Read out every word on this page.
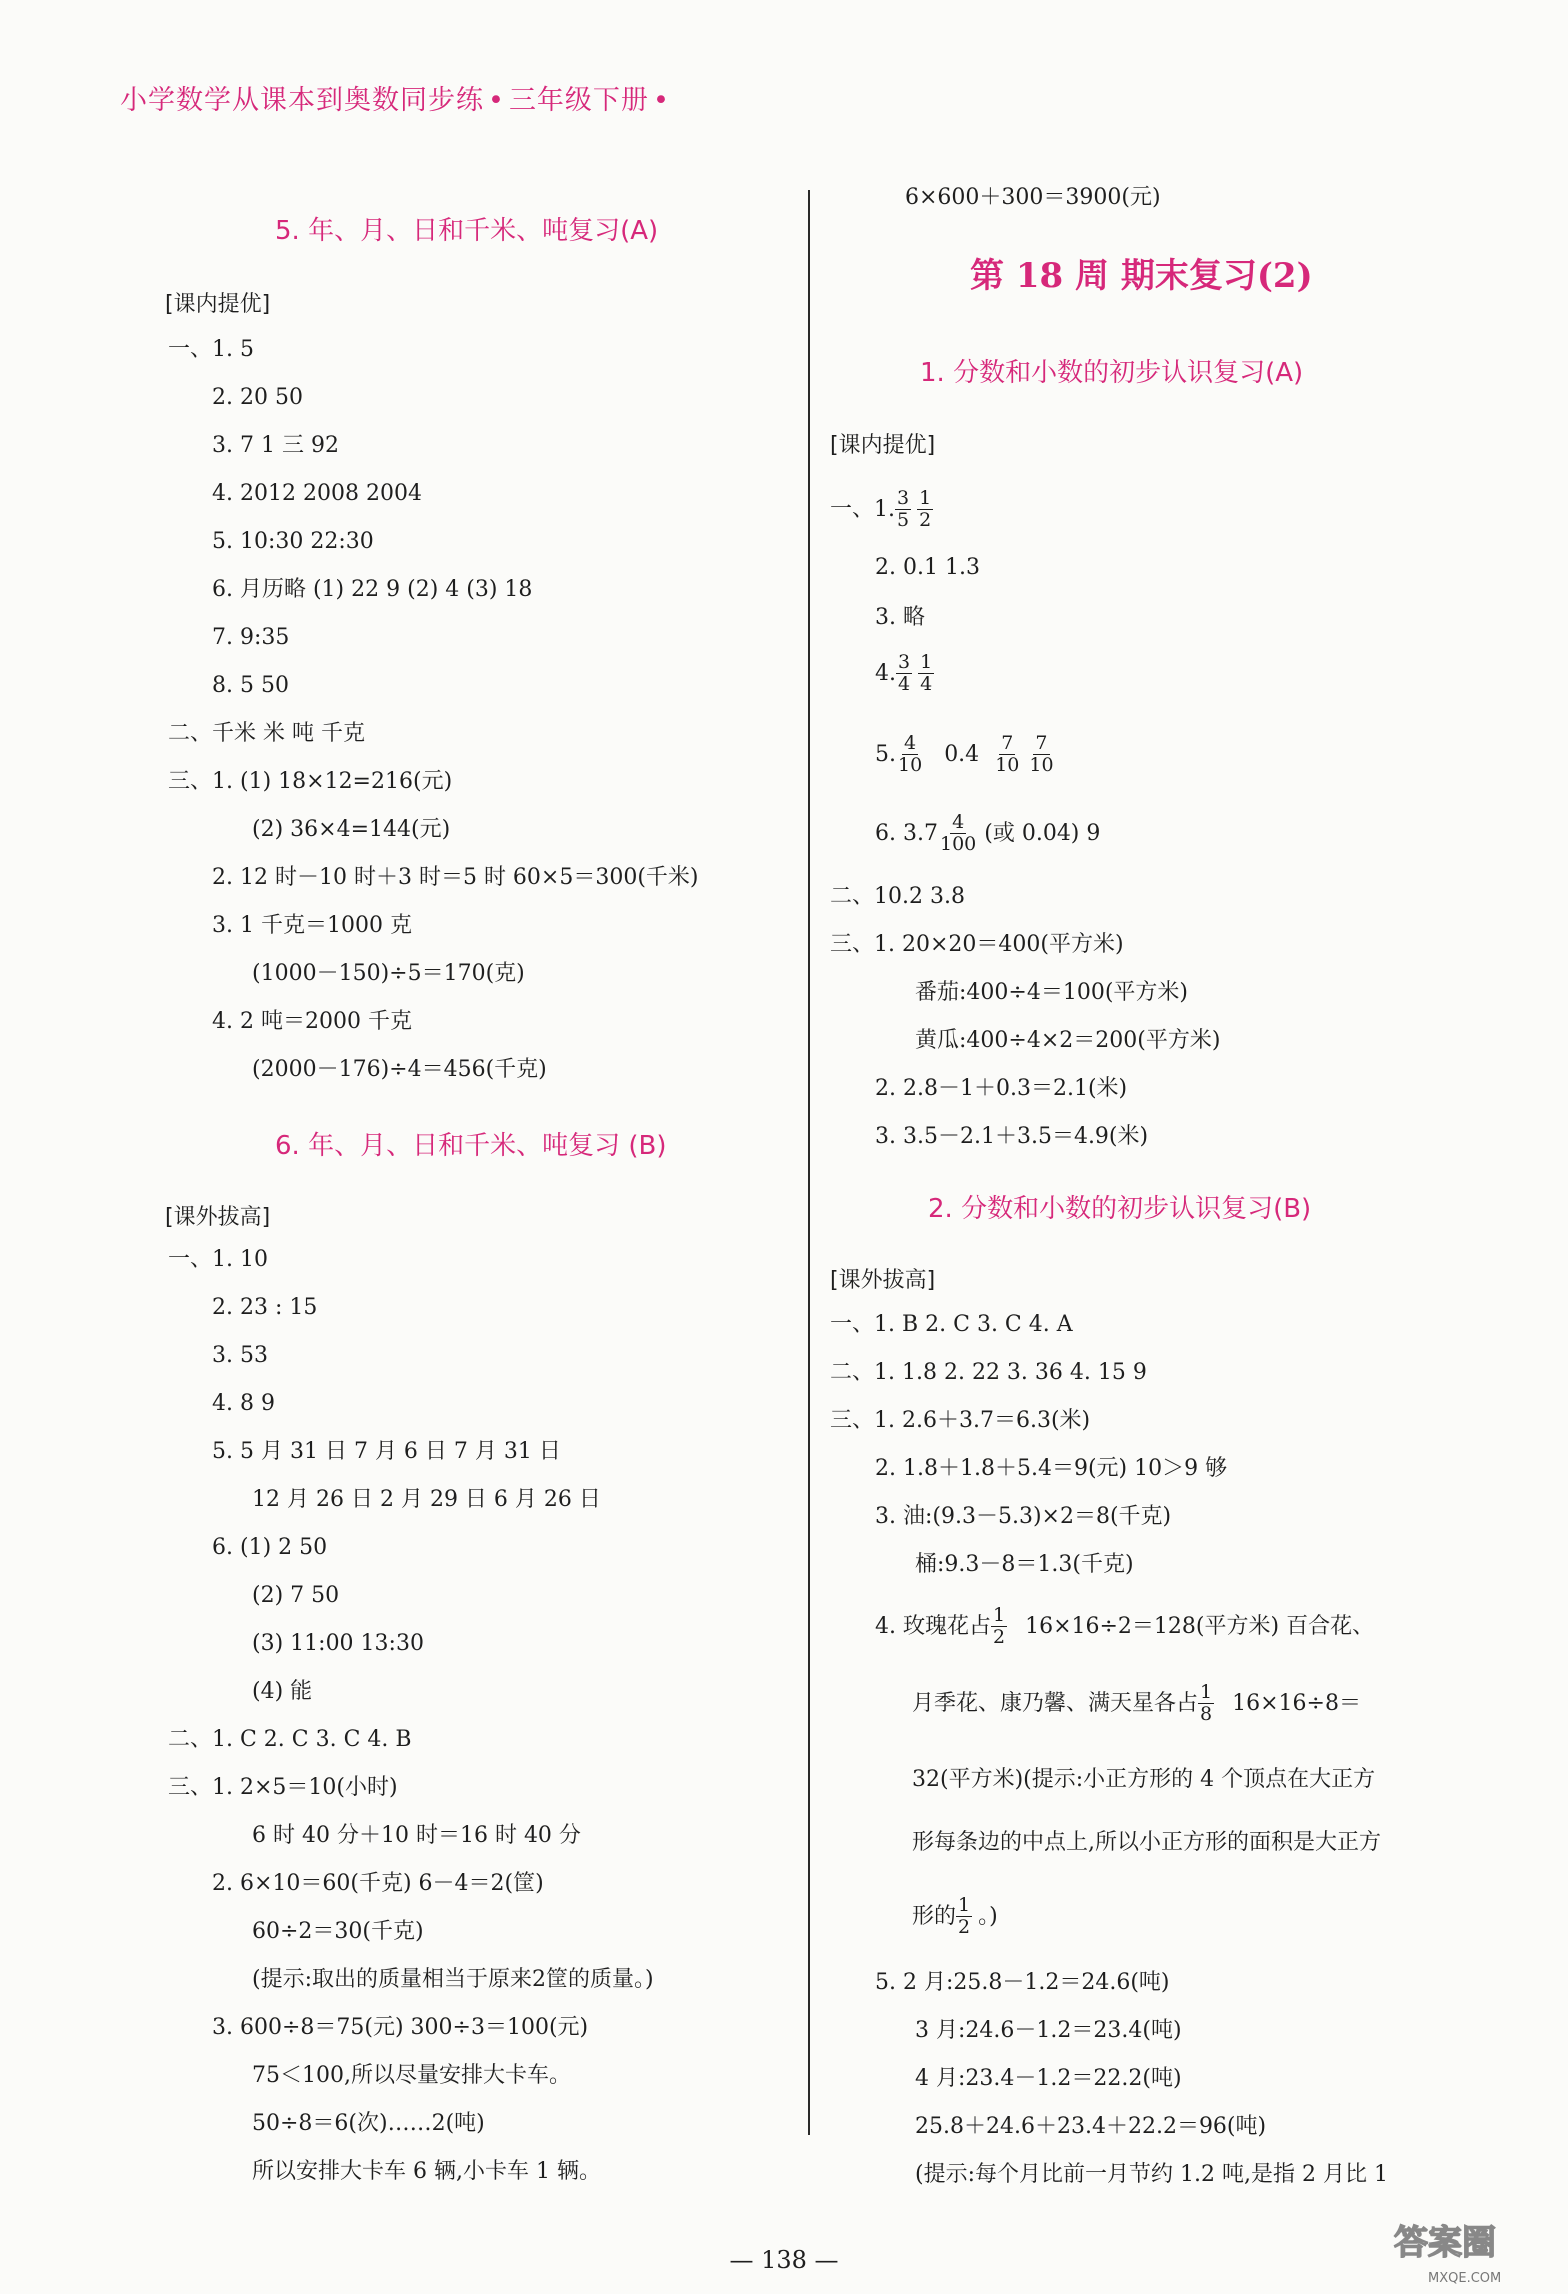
小学数学从课本到奥数同步练 • 三年级下册 •
5. 年、月、日和千米、吨复习(A)
[课内提优]
一、1. 5
2. 20 50
3. 7 1 三 92
4. 2012 2008 2004
5. 10:30 22:30
6. 月历略 (1) 22 9 (2) 4 (3) 18
7. 9:35
8. 5 50
二、千米 米 吨 千克
三、1. (1) 18×12=216(元)
(2) 36×4=144(元)
2. 12 时－10 时＋3 时＝5 时 60×5＝300(千米)
3. 1 千克＝1000 克
(1000－150)÷5＝170(克)
4. 2 吨＝2000 千克
(2000－176)÷4＝456(千克)
6. 年、月、日和千米、吨复习 (B)
[课外拔高]
一、1. 10
2. 23 : 15
3. 53
4. 8 9
5. 5 月 31 日 7 月 6 日 7 月 31 日
12 月 26 日 2 月 29 日 6 月 26 日
6. (1) 2 50
(2) 7 50
(3) 11:00 13:30
(4) 能
二、1. C 2. C 3. C 4. B
三、1. 2×5＝10(小时)
6 时 40 分＋10 时＝16 时 40 分
2. 6×10＝60(千克) 6－4＝2(筐)
60÷2＝30(千克)
(提示:取出的质量相当于原来2筐的质量。)
3. 600÷8＝75(元) 300÷3＝100(元)
75＜100,所以尽量安排大卡车。
50÷8＝6(次)……2(吨)
所以安排大卡车 6 辆,小卡车 1 辆。
6×600＋300＝3900(元)
第 18 周 期末复习(2)
1. 分数和小数的初步认识复习(A)
[课内提优]
一、1. $\frac{3}{5} \frac{1}{2}$
2. 0.1 1.3
3. 略
4. $\frac{3}{4} \frac{1}{4}$
5. $\frac{4}{10} 0.4 \frac{7}{10} \frac{7}{10}$
6. $3.7 \frac{4}{100}$ (或 0.04) 9
二、10.2 3.8
三、1. 20×20＝400(平方米)
番茄:400÷4＝100(平方米)
黄瓜:400÷4×2＝200(平方米)
2. 2.8－1＋0.3＝2.1(米)
3. 3.5－2.1＋3.5＝4.9(米)
2. 分数和小数的初步认识复习(B)
[课外拔高]
一、1. B 2. C 3. C 4. A
二、1. 1.8 2. 22 3. 36 4. 15 9
三、1. 2.6＋3.7＝6.3(米)
2. 1.8＋1.8＋5.4＝9(元) 10＞9 够
3. 油:(9.3－5.3)×2＝8(千克)
桶:9.3－8＝1.3(千克)
4. 玫瑰花占 $\frac{1}{2} 16\times 16\div 2=128$(平方米) 百合花、
月季花、康乃馨、满天星各占 $\frac{1}{8} 16\times 16\div 8=$
32(平方米)(提示:小正方形的 4 个顶点在大正方
形每条边的中点上,所以小正方形的面积是大正方
形的 $\frac{1}{2}$ 。)
5. 2 月:25.8－1.2＝24.6(吨)
3 月:24.6－1.2＝23.4(吨)
4 月:23.4－1.2＝22.2(吨)
25.8＋24.6＋23.4＋22.2＝96(吨)
(提示:每个月比前一月节约 1.2 吨,是指 2 月比 1
— 138 —	答案圈
MXQE.COM
